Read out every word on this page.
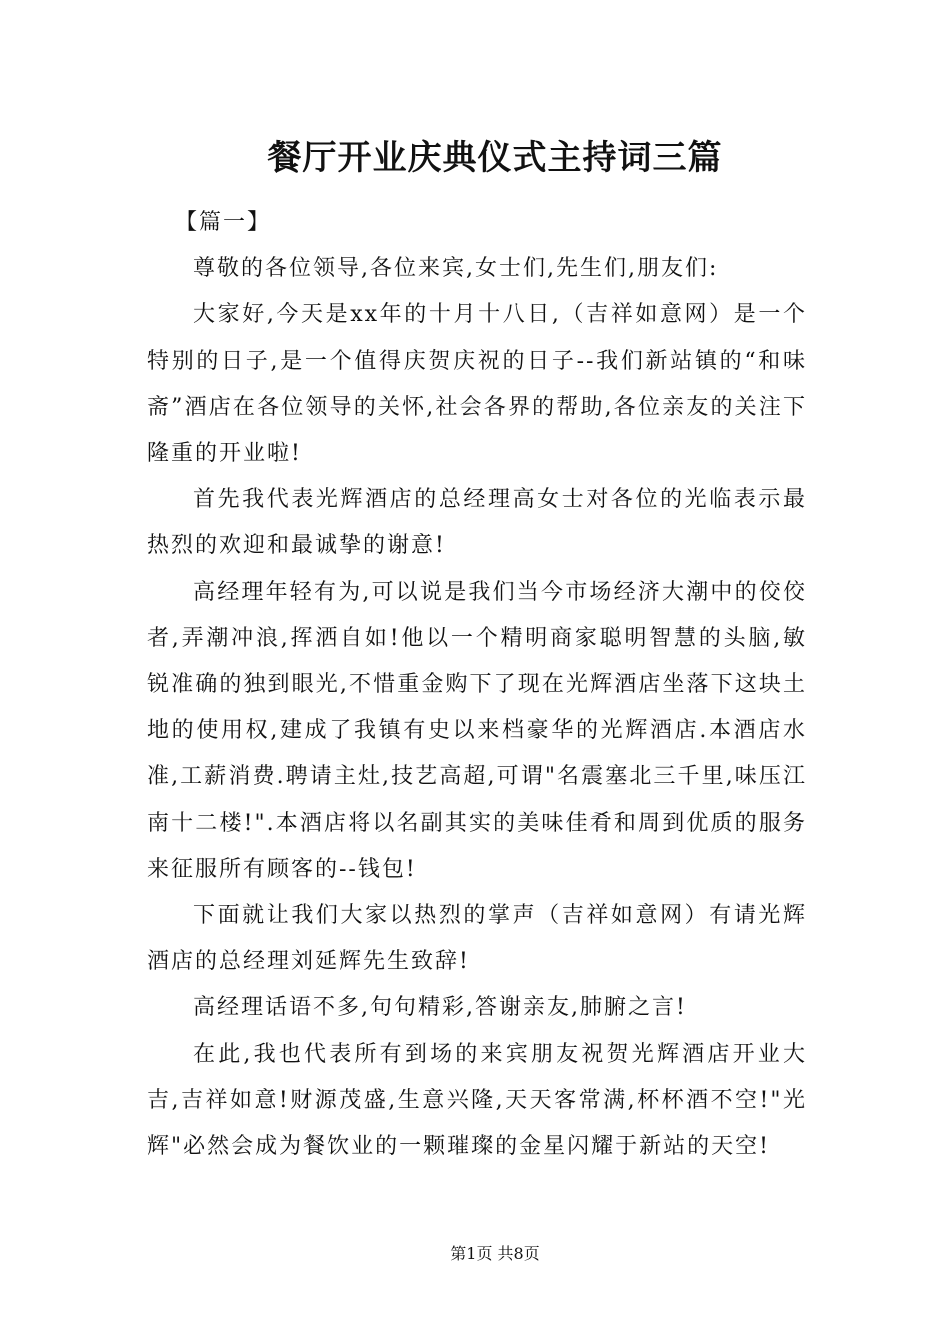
餐厅开业庆典仪式主持词三篇

【篇一】

尊敬的各位领导,各位来宾,女士们,先生们,朋友们:

大家好,今天是xx年的十月十八日,（吉祥如意网）是一个特别的日子,是一个值得庆贺庆祝的日子--我们新站镇的“和味斋”酒店在各位领导的关怀,社会各界的帮助,各位亲友的关注下隆重的开业啦!

首先我代表光辉酒店的总经理高女士对各位的光临表示最热烈的欢迎和最诚挚的谢意!

高经理年轻有为,可以说是我们当今市场经济大潮中的佼佼者,弄潮冲浪,挥洒自如!他以一个精明商家聪明智慧的头脑,敏锐准确的独到眼光,不惜重金购下了现在光辉酒店坐落下这块土地的使用权,建成了我镇有史以来档豪华的光辉酒店.本酒店水准,工薪消费.聘请主灶,技艺高超,可谓"名震塞北三千里,味压江南十二楼!".本酒店将以名副其实的美味佳肴和周到优质的服务来征服所有顾客的--钱包!

下面就让我们大家以热烈的掌声（吉祥如意网）有请光辉酒店的总经理刘延辉先生致辞!

高经理话语不多,句句精彩,答谢亲友,肺腑之言!

在此,我也代表所有到场的来宾朋友祝贺光辉酒店开业大吉,吉祥如意!财源茂盛,生意兴隆,天天客常满,杯杯酒不空!"光辉"必然会成为餐饮业的一颗璀璨的金星闪耀于新站的天空!

第1页 共8页
